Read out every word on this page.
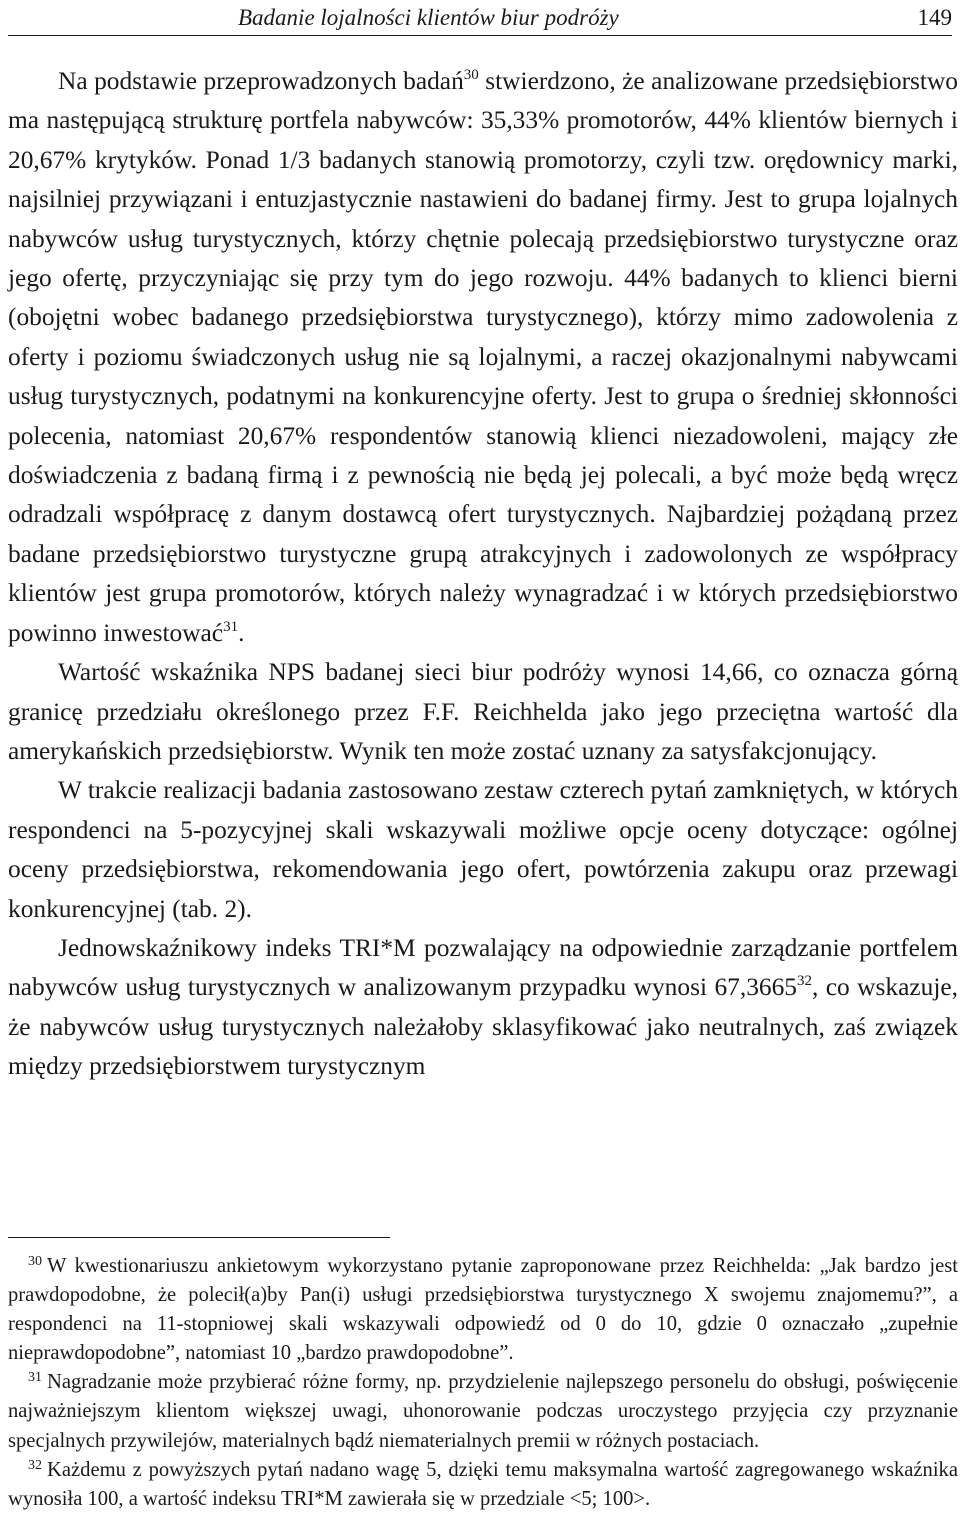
Badanie lojalności klientów biur podróży	149

Na podstawie przeprowadzonych badań$^{30}$ stwierdzono, że analizowane przedsiębiorstwo ma następującą strukturę portfela nabywców: 35,33% promotorów, 44% klientów biernych i 20,67% krytyków. Ponad 1/3 badanych stanowią promotorzy, czyli tzw. orędownicy marki, najsilniej przywiązani i entuzjastycznie nastawieni do badanej firmy. Jest to grupa lojalnych nabywców usług turystycznych, którzy chętnie polecają przedsiębiorstwo turystyczne oraz jego ofertę, przyczyniając się przy tym do jego rozwoju. 44% badanych to klienci bierni (obojętni wobec badanego przedsiębiorstwa turystycznego), którzy mimo zadowolenia z oferty i poziomu świadczonych usług nie są lojalnymi, a raczej okazjonalnymi nabywcami usług turystycznych, podatnymi na konkurencyjne oferty. Jest to grupa o średniej skłonności polecenia, natomiast 20,67% respondentów stanowią klienci niezadowoleni, mający złe doświadczenia z badaną firmą i z pewnością nie będą jej polecali, a być może będą wręcz odradzali współpracę z danym dostawcą ofert turystycznych. Najbardziej pożądaną przez badane przedsiębiorstwo turystyczne grupą atrakcyjnych i zadowolonych ze współpracy klientów jest grupa promotorów, których należy wynagradzać i w których przedsiębiorstwo powinno inwestować$^{31}$.

Wartość wskaźnika NPS badanej sieci biur podróży wynosi 14,66, co oznacza górną granicę przedziału określonego przez F.F. Reichhelda jako jego przeciętna wartość dla amerykańskich przedsiębiorstw. Wynik ten może zostać uznany za satysfakcjonujący.

W trakcie realizacji badania zastosowano zestaw czterech pytań zamkniętych, w których respondenci na 5-pozycyjnej skali wskazywali możliwe opcje oceny dotyczące: ogólnej oceny przedsiębiorstwa, rekomendowania jego ofert, powtórzenia zakupu oraz przewagi konkurencyjnej (tab. 2).

Jednowskaźnikowy indeks TRI*M pozwalający na odpowiednie zarządzanie portfelem nabywców usług turystycznych w analizowanym przypadku wynosi 67,3665$^{32}$, co wskazuje, że nabywców usług turystycznych należałoby sklasyfikować jako neutralnych, zaś związek między przedsiębiorstwem turystycznym

$^{30}$ W kwestionariuszu ankietowym wykorzystano pytanie zaproponowane przez Reichhelda: „Jak bardzo jest prawdopodobne, że polecił(a)by Pan(i) usługi przedsiębiorstwa turystycznego X swojemu znajomemu?”, a respondenci na 11-stopniowej skali wskazywali odpowiedź od 0 do 10, gdzie 0 oznaczało „zupełnie nieprawdopodobne”, natomiast 10 „bardzo prawdopodobne”.

$^{31}$ Nagradzanie może przybierać różne formy, np. przydzielenie najlepszego personelu do obsługi, poświęcenie najważniejszym klientom większej uwagi, uhonorowanie podczas uroczystego przyjęcia czy przyznanie specjalnych przywilejów, materialnych bądź niematerialnych premii w różnych postaciach.

$^{32}$ Każdemu z powyższych pytań nadano wagę 5, dzięki temu maksymalna wartość zagregowanego wskaźnika wynosiła 100, a wartość indeksu TRI*M zawierała się w przedziale <5; 100>.
